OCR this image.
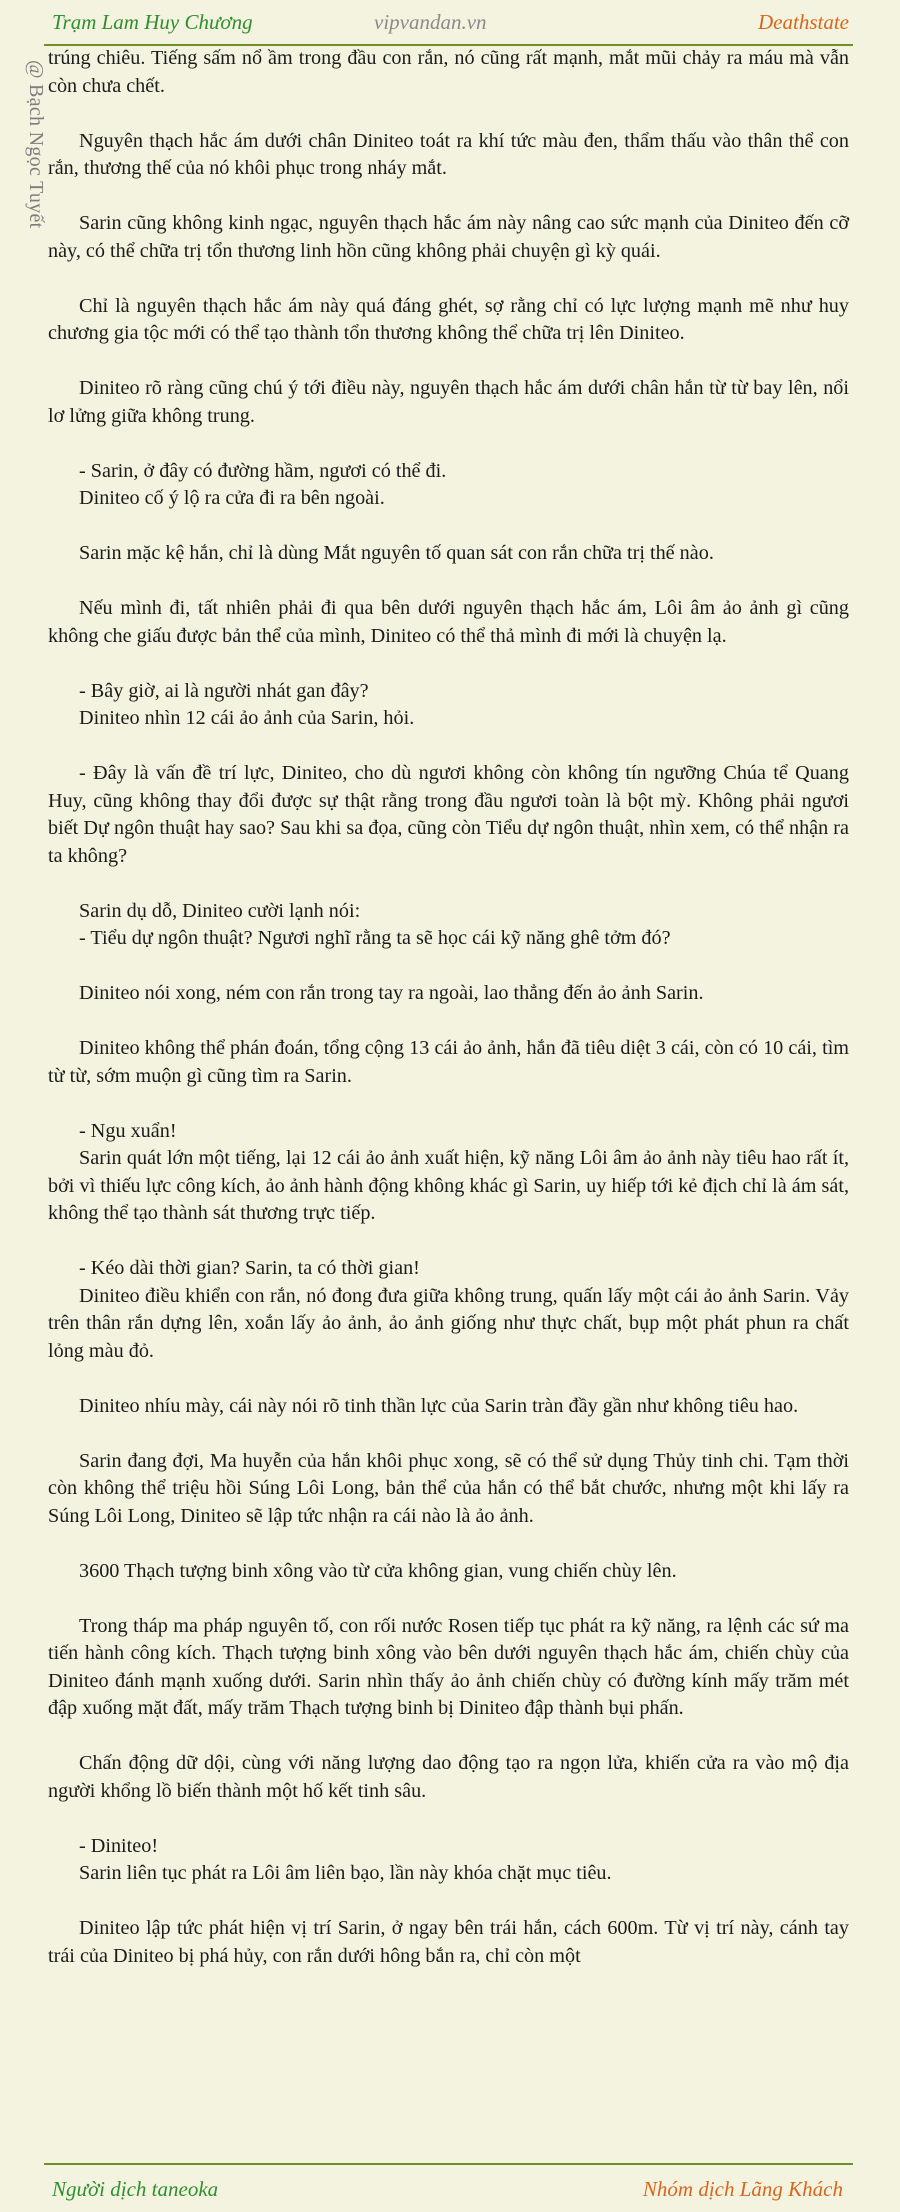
Trạm Lam Huy Chương	vipvandan.vn	Deathstate

trúng chiêu. Tiếng sấm nổ ầm trong đầu con rắn, nó cũng rất mạnh, mắt mũi chảy ra máu mà vẫn còn chưa chết.

Nguyên thạch hắc ám dưới chân Diniteo toát ra khí tức màu đen, thẩm thấu vào thân thể con rắn, thương thế của nó khôi phục trong nháy mắt.

Sarin cũng không kinh ngạc, nguyên thạch hắc ám này nâng cao sức mạnh của Diniteo đến cỡ này, có thể chữa trị tổn thương linh hồn cũng không phải chuyện gì kỳ quái.

Chỉ là nguyên thạch hắc ám này quá đáng ghét, sợ rằng chỉ có lực lượng mạnh mẽ như huy chương gia tộc mới có thể tạo thành tổn thương không thể chữa trị lên Diniteo.

Diniteo rõ ràng cũng chú ý tới điều này, nguyên thạch hắc ám dưới chân hắn từ từ bay lên, nổi lơ lửng giữa không trung.

- Sarin, ở đây có đường hầm, ngươi có thể đi.
Diniteo cố ý lộ ra cửa đi ra bên ngoài.

Sarin mặc kệ hắn, chỉ là dùng Mắt nguyên tố quan sát con rắn chữa trị thế nào.

Nếu mình đi, tất nhiên phải đi qua bên dưới nguyên thạch hắc ám, Lôi âm ảo ảnh gì cũng không che giấu được bản thể của mình, Diniteo có thể thả mình đi mới là chuyện lạ.

- Bây giờ, ai là người nhát gan đây?
Diniteo nhìn 12 cái ảo ảnh của Sarin, hỏi.

- Đây là vấn đề trí lực, Diniteo, cho dù ngươi không còn không tín ngưỡng Chúa tể Quang Huy, cũng không thay đổi được sự thật rằng trong đầu ngươi toàn là bột mỳ. Không phải ngươi biết Dự ngôn thuật hay sao? Sau khi sa đọa, cũng còn Tiểu dự ngôn thuật, nhìn xem, có thể nhận ra ta không?

Sarin dụ dỗ, Diniteo cười lạnh nói:
- Tiểu dự ngôn thuật? Ngươi nghĩ rằng ta sẽ học cái kỹ năng ghê tởm đó?

Diniteo nói xong, ném con rắn trong tay ra ngoài, lao thẳng đến ảo ảnh Sarin.

Diniteo không thể phán đoán, tổng cộng 13 cái ảo ảnh, hắn đã tiêu diệt 3 cái, còn có 10 cái, tìm từ từ, sớm muộn gì cũng tìm ra Sarin.

- Ngu xuẩn!
Sarin quát lớn một tiếng, lại 12 cái ảo ảnh xuất hiện, kỹ năng Lôi âm ảo ảnh này tiêu hao rất ít, bởi vì thiếu lực công kích, ảo ảnh hành động không khác gì Sarin, uy hiếp tới kẻ địch chỉ là ám sát, không thể tạo thành sát thương trực tiếp.

- Kéo dài thời gian? Sarin, ta có thời gian!
Diniteo điều khiển con rắn, nó đong đưa giữa không trung, quấn lấy một cái ảo ảnh Sarin. Vảy trên thân rắn dựng lên, xoắn lấy ảo ảnh, ảo ảnh giống như thực chất, bụp một phát phun ra chất lỏng màu đỏ.

Diniteo nhíu mày, cái này nói rõ tinh thần lực của Sarin tràn đầy gần như không tiêu hao.

Sarin đang đợi, Ma huyễn của hắn khôi phục xong, sẽ có thể sử dụng Thủy tinh chi. Tạm thời còn không thể triệu hồi Súng Lôi Long, bản thể của hắn có thể bắt chước, nhưng một khi lấy ra Súng Lôi Long, Diniteo sẽ lập tức nhận ra cái nào là ảo ảnh.

3600 Thạch tượng binh xông vào từ cửa không gian, vung chiến chùy lên.

Trong tháp ma pháp nguyên tố, con rối nước Rosen tiếp tục phát ra kỹ năng, ra lệnh các sứ ma tiến hành công kích. Thạch tượng binh xông vào bên dưới nguyên thạch hắc ám, chiến chùy của Diniteo đánh mạnh xuống dưới. Sarin nhìn thấy ảo ảnh chiến chùy có đường kính mấy trăm mét đập xuống mặt đất, mấy trăm Thạch tượng binh bị Diniteo đập thành bụi phấn.

Chấn động dữ dội, cùng với năng lượng dao động tạo ra ngọn lửa, khiến cửa ra vào mộ địa người khổng lồ biến thành một hố kết tinh sâu.

- Diniteo!
Sarin liên tục phát ra Lôi âm liên bạo, lần này khóa chặt mục tiêu.

Diniteo lập tức phát hiện vị trí Sarin, ở ngay bên trái hắn, cách 600m. Từ vị trí này, cánh tay trái của Diniteo bị phá hủy, con rắn dưới hông bắn ra, chỉ còn một

Người dịch taneoka	Nhóm dịch Lãng Khách
@ Bạch Ngọc Tuyết
